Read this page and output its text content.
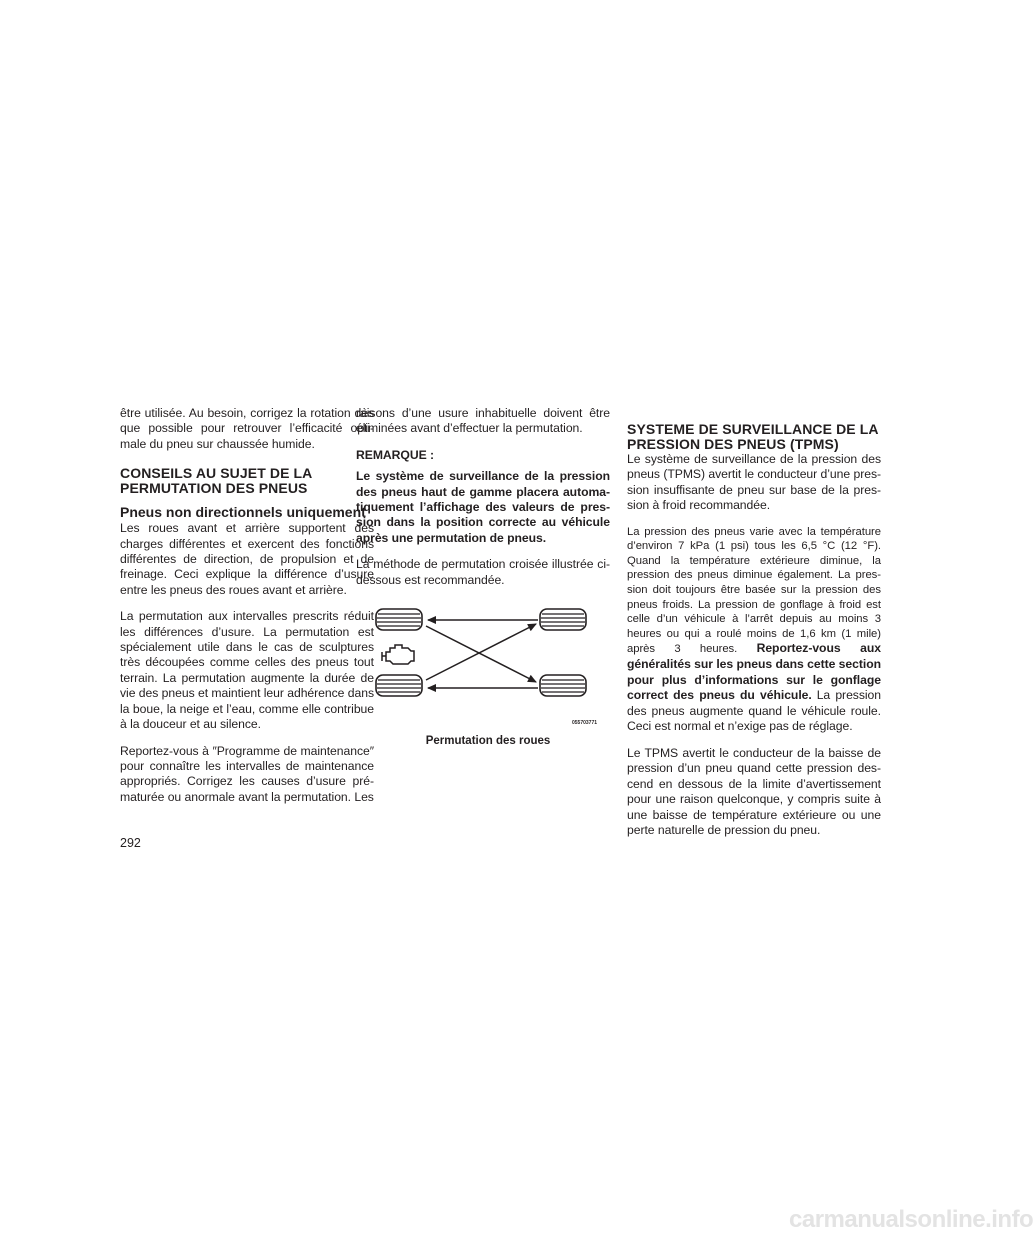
être utilisée. Au besoin, corrigez la rotation dès que possible pour retrouver l’efficacité opti-male du pneu sur chaussée humide.

CONSEILS AU SUJET DE LA PERMUTATION DES PNEUS
Pneus non directionnels uniquement

Les roues avant et arrière supportent des charges différentes et exercent des fonctions différentes de direction, de propulsion et de freinage. Ceci explique la différence d’usure entre les pneus des roues avant et arrière.

La permutation aux intervalles prescrits réduit les différences d’usure. La permutation est spécialement utile dans le cas de sculptures très découpées comme celles des pneus tout terrain. La permutation augmente la durée de vie des pneus et maintient leur adhérence dans la boue, la neige et l’eau, comme elle contribue à la douceur et au silence.

Reportez-vous à ″Programme de maintenance″ pour connaître les intervalles de maintenance appropriés. Corrigez les causes d’usure pré-maturée ou anormale avant la permutation. Les

raisons d’une usure inhabituelle doivent être éliminées avant d’effectuer la permutation.

REMARQUE :

Le système de surveillance de la pression des pneus haut de gamme placera automa-tiquement l’affichage des valeurs de pres-sion dans la position correcte au véhicule après une permutation de pneus.

La méthode de permutation croisée illustrée ci-dessous est recommandée.

055703771
Permutation des roues
SYSTEME DE SURVEILLANCE DE LA PRESSION DES PNEUS (TPMS)

Le système de surveillance de la pression des pneus (TPMS) avertit le conducteur d’une pres-sion insuffisante de pneu sur base de la pres-sion à froid recommandée.

La pression des pneus varie avec la température d’environ 7 kPa (1 psi) tous les 6,5 °C (12 °F). Quand la température extérieure diminue, la pression des pneus diminue également. La pres-sion doit toujours être basée sur la pression des pneus froids. La pression de gonflage à froid est celle d’un véhicule à l’arrêt depuis au moins 3 heures ou qui a roulé moins de 1,6 km (1 mile) après 3 heures. Reportez-vous aux généralités sur les pneus dans cette section pour plus d’informations sur le gonflage correct des pneus du véhicule. La pression des pneus augmente quand le véhicule roule. Ceci est normal et n’exige pas de réglage.

Le TPMS avertit le conducteur de la baisse de pression d’un pneu quand cette pression des-cend en dessous de la limite d’avertissement pour une raison quelconque, y compris suite à une baisse de température extérieure ou une perte naturelle de pression du pneu.

292
carmanualsonline.info
